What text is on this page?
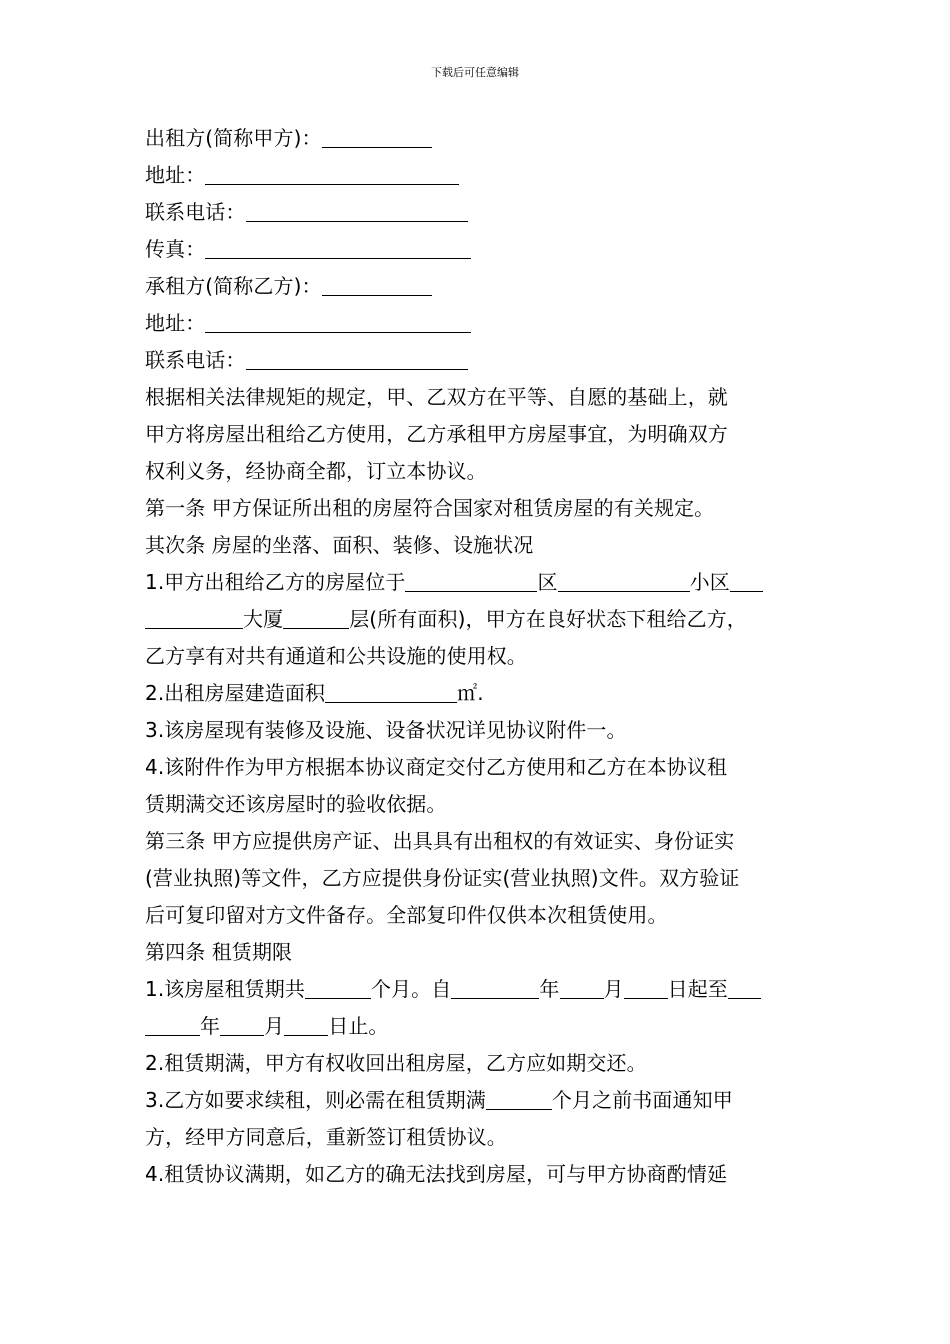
下载后可任意编辑
出租方(简称甲方)：
地址：
联系电话：
传真：
承租方(简称乙方)：
地址：
联系电话：
根据相关法律规矩的规定，甲、乙双方在平等、自愿的基础上，就
甲方将房屋出租给乙方使用，乙方承租甲方房屋事宜，为明确双方
权利义务，经协商全都，订立本协议。
第一条 甲方保证所出租的房屋符合国家对租赁房屋的有关规定。
其次条 房屋的坐落、面积、装修、设施状况
1.甲方出租给乙方的房屋位于	区	小区
大厦	层(所有面积)，甲方在良好状态下租给乙方，
乙方享有对共有通道和公共设施的使用权。
2.出租房屋建造面积	㎡.
3.该房屋现有装修及设施、设备状况详见协议附件一。
4.该附件作为甲方根据本协议商定交付乙方使用和乙方在本协议租
赁期满交还该房屋时的验收依据。
第三条 甲方应提供房产证、出具具有出租权的有效证实、身份证实
(营业执照)等文件，乙方应提供身份证实(营业执照)文件。双方验证
后可复印留对方文件备存。全部复印件仅供本次租赁使用。
第四条 租赁期限
1.该房屋租赁期共	个月。自	年 月 日起至
年 月 日止。
2.租赁期满，甲方有权收回出租房屋，乙方应如期交还。
3.乙方如要求续租，则必需在租赁期满	个月之前书面通知甲
方，经甲方同意后，重新签订租赁协议。
4.租赁协议满期，如乙方的确无法找到房屋，可与甲方协商酌情延
